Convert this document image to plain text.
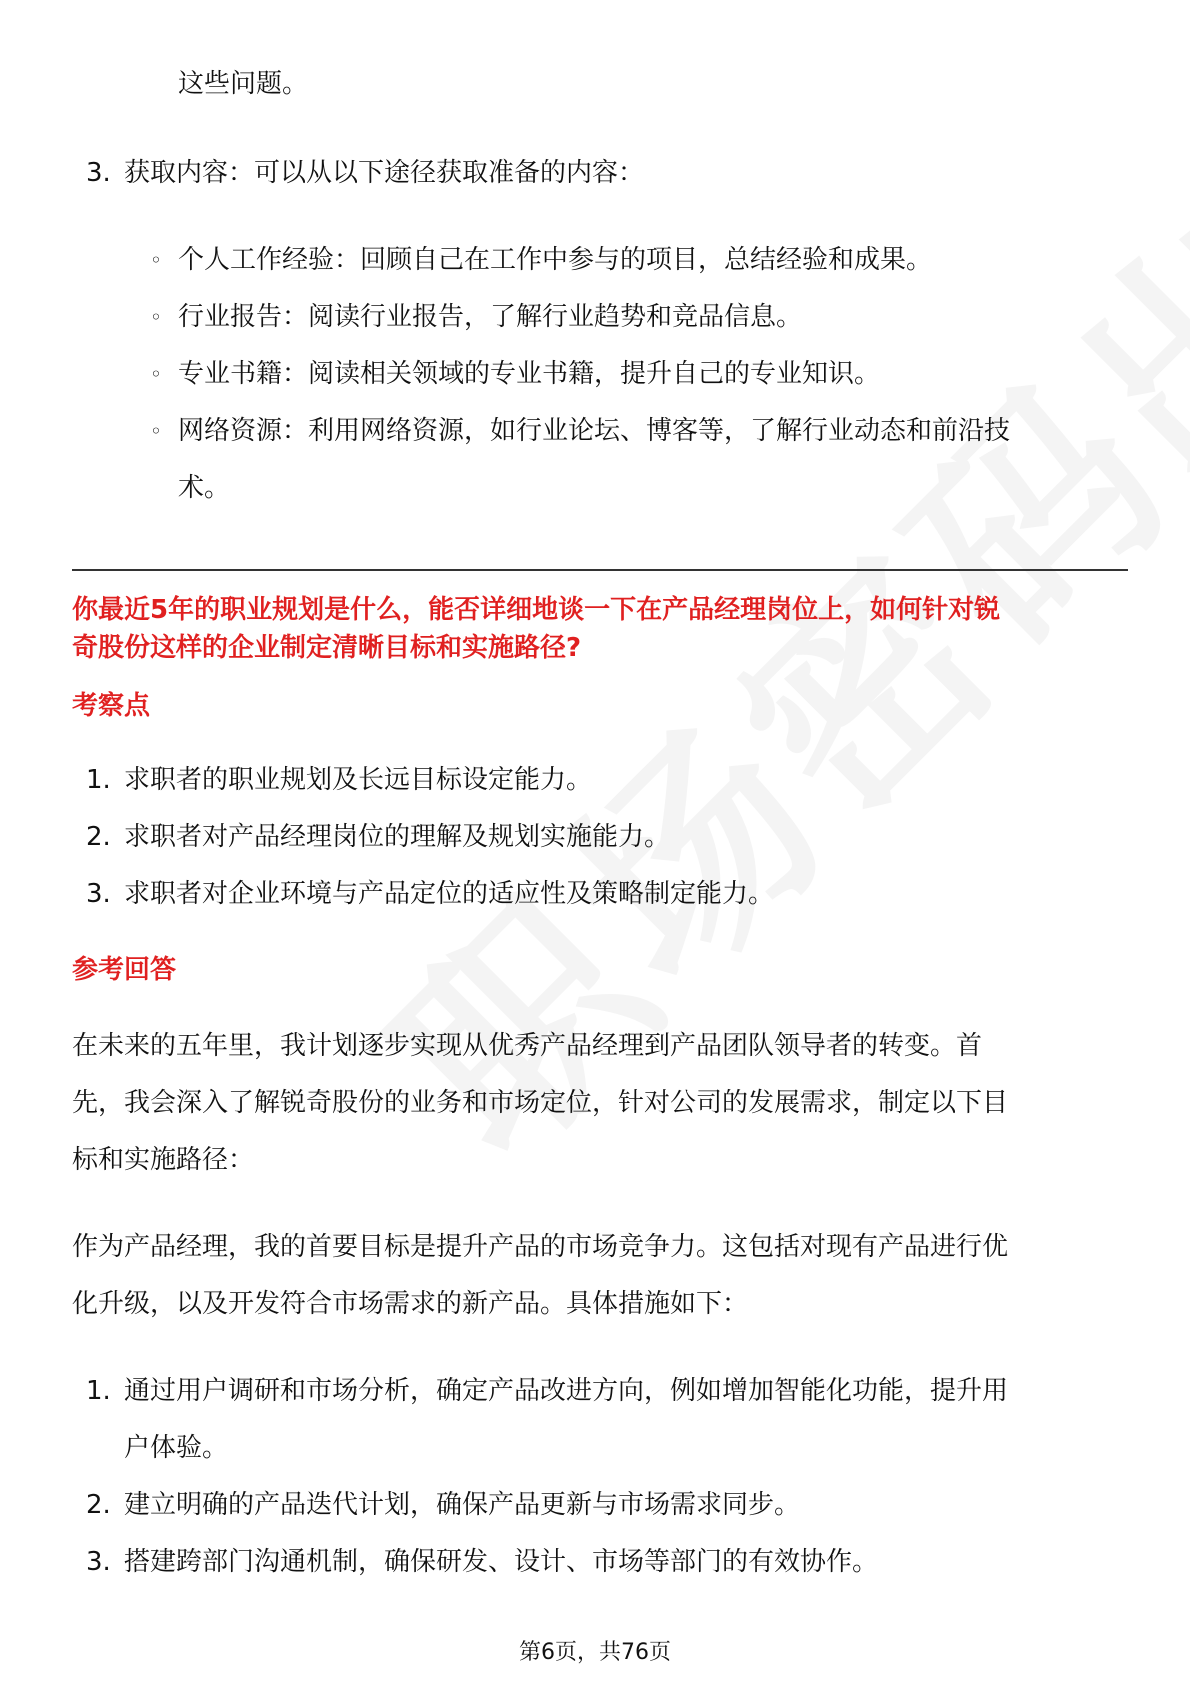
这些问题。
3. 获取内容：可以从以下途径获取准备的内容：
◦ 个人工作经验：回顾自己在工作中参与的项目，总结经验和成果。
◦ 行业报告：阅读行业报告，了解行业趋势和竞品信息。
◦ 专业书籍：阅读相关领域的专业书籍，提升自己的专业知识。
◦ 网络资源：利用网络资源，如行业论坛、博客等，了解行业动态和前沿技
术。
你最近5年的职业规划是什么，能否详细地谈一下在产品经理岗位上，如何针对锐
奇股份这样的企业制定清晰目标和实施路径?
考察点
1. 求职者的职业规划及长远目标设定能力。
2. 求职者对产品经理岗位的理解及规划实施能力。
3. 求职者对企业环境与产品定位的适应性及策略制定能力。
参考回答
在未来的五年里，我计划逐步实现从优秀产品经理到产品团队领导者的转变。首
先，我会深入了解锐奇股份的业务和市场定位，针对公司的发展需求，制定以下目
标和实施路径：
作为产品经理，我的首要目标是提升产品的市场竞争力。这包括对现有产品进行优
化升级，以及开发符合市场需求的新产品。具体措施如下：
1. 通过用户调研和市场分析，确定产品改进方向，例如增加智能化功能，提升用
户体验。
2. 建立明确的产品迭代计划，确保产品更新与市场需求同步。
3. 搭建跨部门沟通机制，确保研发、设计、市场等部门的有效协作。
第6页，共76页
